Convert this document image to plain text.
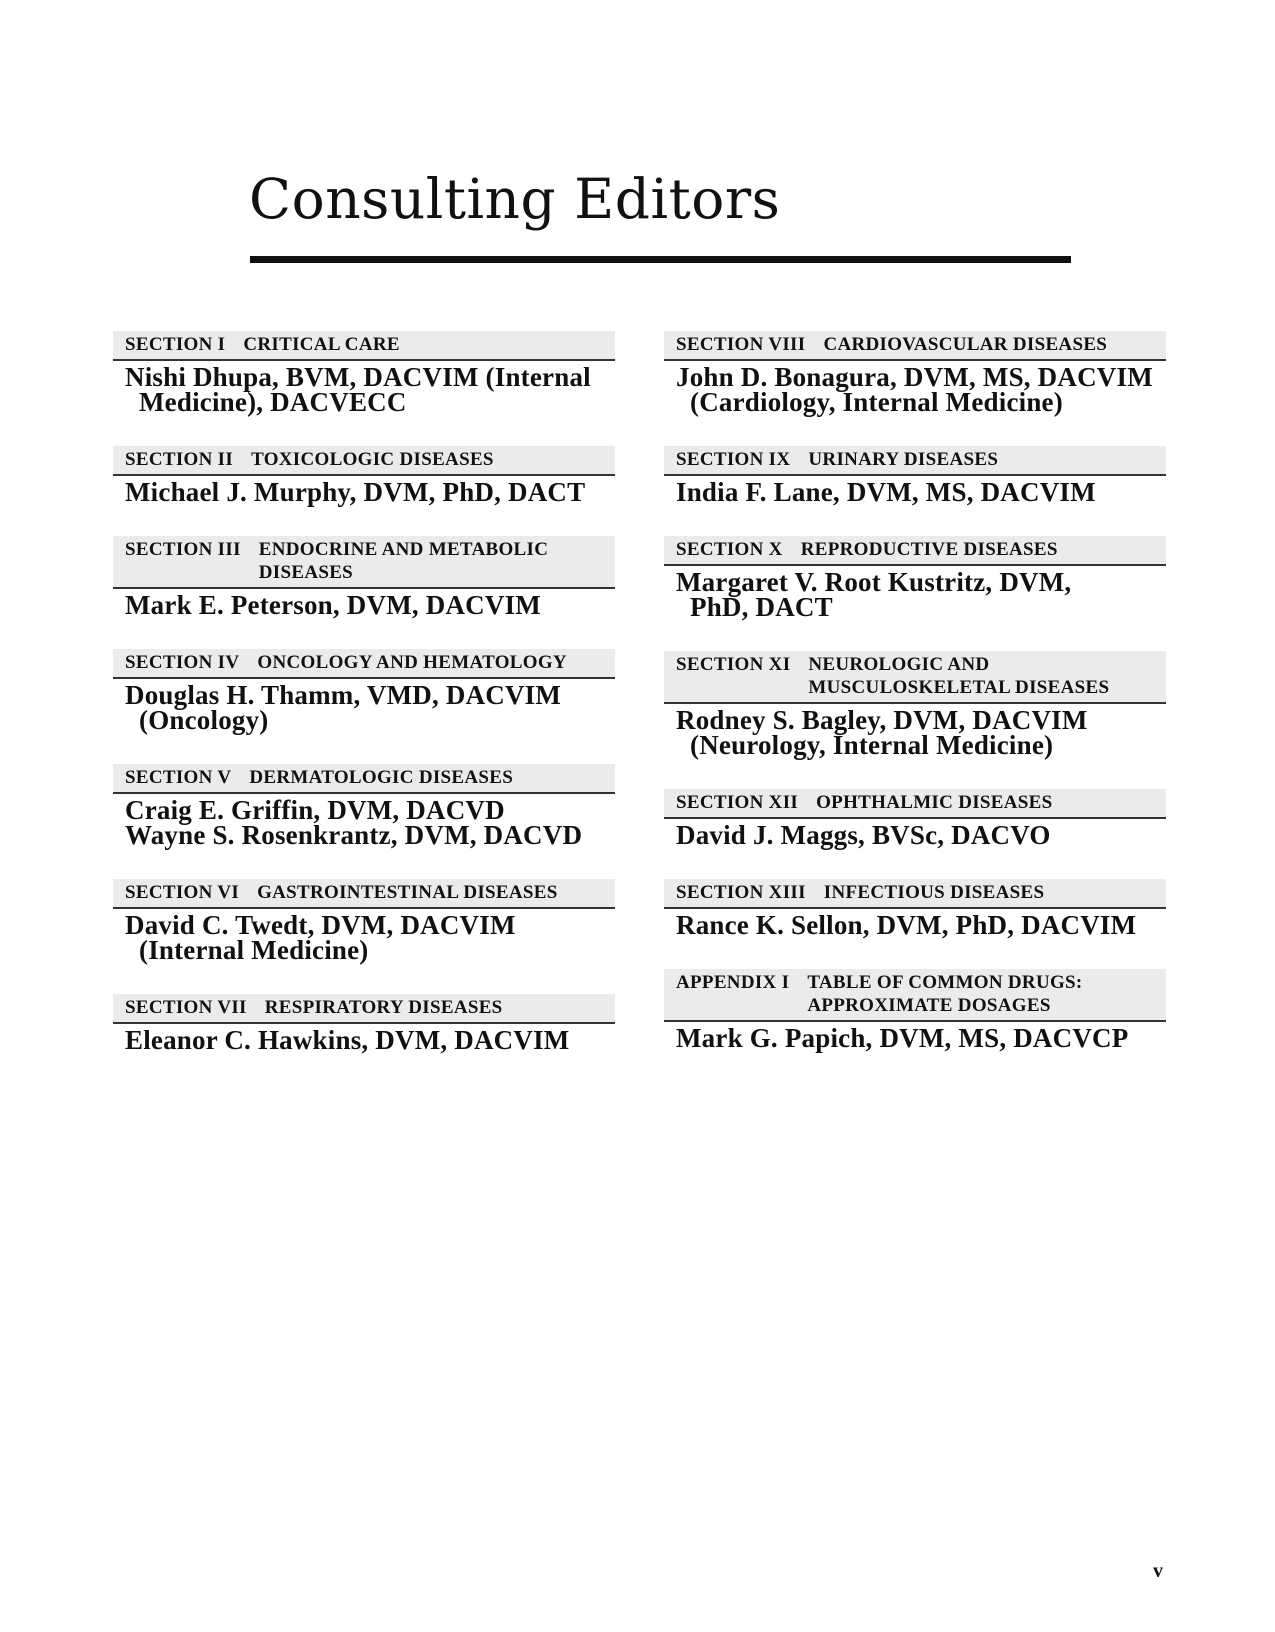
Consulting Editors
SECTION I CRITICAL CARE
Nishi Dhupa, BVM, DACVIM (Internal
Medicine), DACVECC
SECTION II TOXICOLOGIC DISEASES
Michael J. Murphy, DVM, PhD, DACT
SECTION III ENDOCRINE AND METABOLIC DISEASES
Mark E. Peterson, DVM, DACVIM
SECTION IV ONCOLOGY AND HEMATOLOGY
Douglas H. Thamm, VMD, DACVIM
(Oncology)
SECTION V DERMATOLOGIC DISEASES
Craig E. Griffin, DVM, DACVD
Wayne S. Rosenkrantz, DVM, DACVD
SECTION VI GASTROINTESTINAL DISEASES
David C. Twedt, DVM, DACVIM
(Internal Medicine)
SECTION VII RESPIRATORY DISEASES
Eleanor C. Hawkins, DVM, DACVIM
SECTION VIII CARDIOVASCULAR DISEASES
John D. Bonagura, DVM, MS, DACVIM
(Cardiology, Internal Medicine)
SECTION IX URINARY DISEASES
India F. Lane, DVM, MS, DACVIM
SECTION X REPRODUCTIVE DISEASES
Margaret V. Root Kustritz, DVM,
PhD, DACT
SECTION XI NEUROLOGIC AND MUSCULOSKELETAL DISEASES
Rodney S. Bagley, DVM, DACVIM
(Neurology, Internal Medicine)
SECTION XII OPHTHALMIC DISEASES
David J. Maggs, BVSc, DACVO
SECTION XIII INFECTIOUS DISEASES
Rance K. Sellon, DVM, PhD, DACVIM
APPENDIX I TABLE OF COMMON DRUGS: APPROXIMATE DOSAGES
Mark G. Papich, DVM, MS, DACVCP
v
